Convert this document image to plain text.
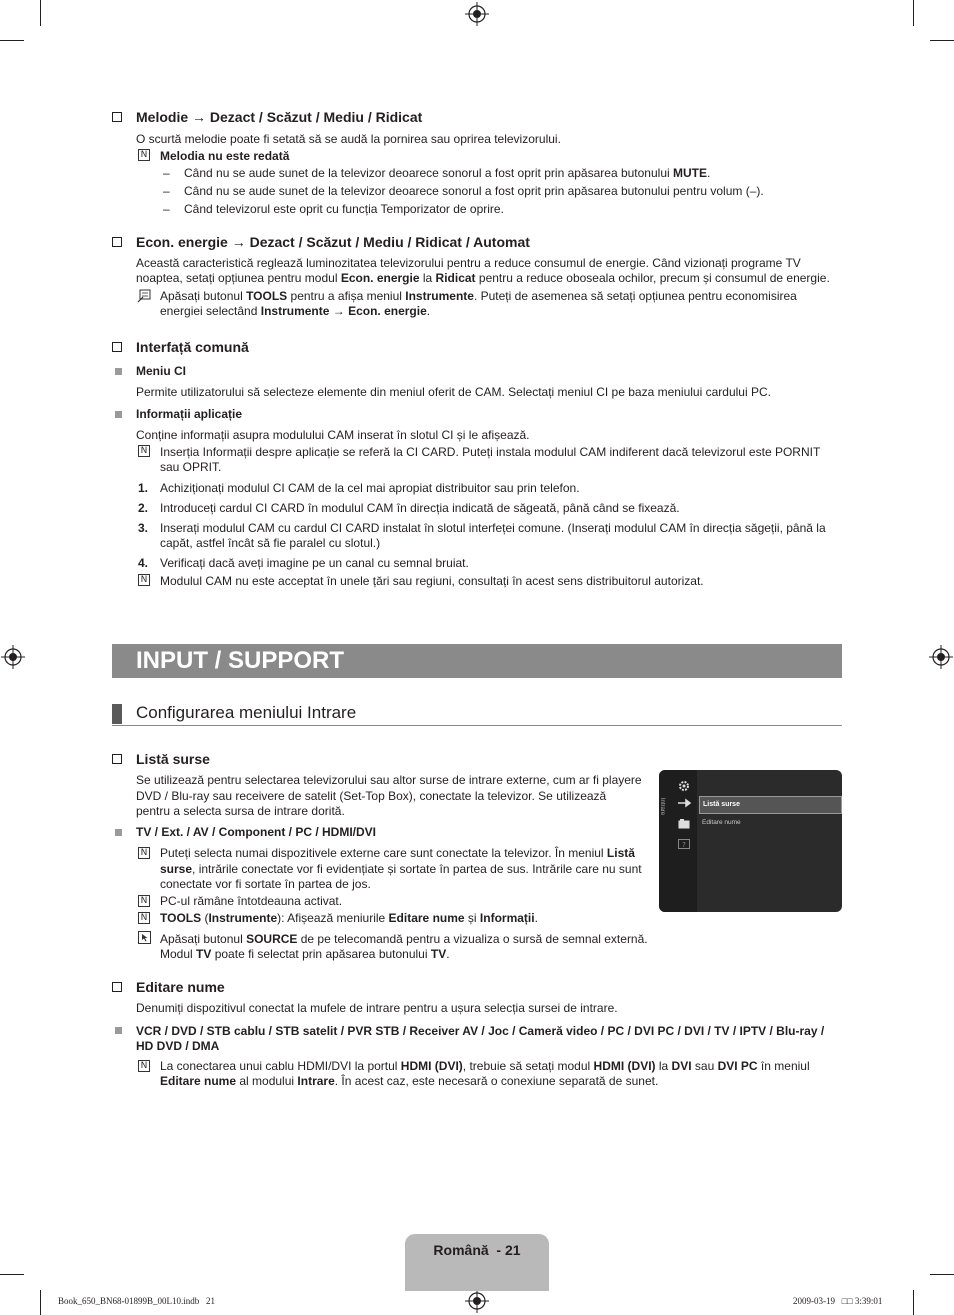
Melodie → Dezact / Scăzut / Mediu / Ridicat
O scurtă melodie poate fi setată să se audă la pornirea sau oprirea televizorului.
N Melodia nu este redată
– Când nu se aude sunet de la televizor deoarece sonorul a fost oprit prin apăsarea butonului MUTE.
– Când nu se aude sunet de la televizor deoarece sonorul a fost oprit prin apăsarea butonului pentru volum (–).
– Când televizorul este oprit cu funcția Temporizator de oprire.
Econ. energie → Dezact / Scăzut / Mediu / Ridicat / Automat
Această caracteristică reglează luminozitatea televizorului pentru a reduce consumul de energie. Când vizionați programe TV
noaptea, setați opțiunea pentru modul Econ. energie la Ridicat pentru a reduce oboseala ochilor, precum și consumul de energie.
Apăsați butonul TOOLS pentru a afișa meniul Instrumente. Puteți de asemenea să setați opțiunea pentru economisirea
energiei selectând Instrumente → Econ. energie.
Interfață comună
Meniu CI
Permite utilizatorului să selecteze elemente din meniul oferit de CAM. Selectați meniul CI pe baza meniului cardului PC.
Informații aplicație
Conține informații asupra modulului CAM inserat în slotul CI și le afișează.
N Inserția Informații despre aplicație se referă la CI CARD. Puteți instala modulul CAM indiferent dacă televizorul este PORNIT
sau OPRIT.
1. Achiziționați modulul CI CAM de la cel mai apropiat distribuitor sau prin telefon.
2. Introduceți cardul CI CARD în modulul CAM în direcția indicată de săgeată, până când se fixează.
3. Inserați modulul CAM cu cardul CI CARD instalat în slotul interfeței comune. (Inserați modulul CAM în direcția săgeții, până la
capăt, astfel încât să fie paralel cu slotul.)
4. Verificați dacă aveți imagine pe un canal cu semnal bruiat.
N Modulul CAM nu este acceptat în unele țări sau regiuni, consultați în acest sens distribuitorul autorizat.
INPUT / SUPPORT
Configurarea meniului Intrare
Listă surse
Se utilizează pentru selectarea televizorului sau altor surse de intrare externe, cum ar fi playere
DVD / Blu-ray sau receivere de satelit (Set-Top Box), conectate la televizor. Se utilizează
pentru a selecta sursa de intrare dorită.
TV / Ext. / AV / Component / PC / HDMI/DVI
N Puteți selecta numai dispozitivele externe care sunt conectate la televizor. În meniul Listă
surse, intrările conectate vor fi evidențiate și sortate în partea de sus. Intrările care nu sunt
conectate vor fi sortate în partea de jos.
N PC-ul rămâne întotdeauna activat.
N TOOLS (Instrumente): Afișează meniurile Editare nume și Informații.
Apăsați butonul SOURCE de pe telecomandă pentru a vizualiza o sursă de semnal externă.
Modul TV poate fi selectat prin apăsarea butonului TV.
Intrare
?
Listă surse
Editare nume
Editare nume
Denumiți dispozitivul conectat la mufele de intrare pentru a ușura selecția sursei de intrare.
VCR / DVD / STB cablu / STB satelit / PVR STB / Receiver AV / Joc / Cameră video / PC / DVI PC / DVI / TV / IPTV / Blu-ray /
HD DVD / DMA
N La conectarea unui cablu HDMI/DVI la portul HDMI (DVI), trebuie să setați modul HDMI (DVI) la DVI sau DVI PC în meniul
Editare nume al modului Intrare. În acest caz, este necesară o conexiune separată de sunet.
Română  - 21
Book_650_BN68-01899B_00L10.indb   21	2009-03-19   □□ 3:39:01
